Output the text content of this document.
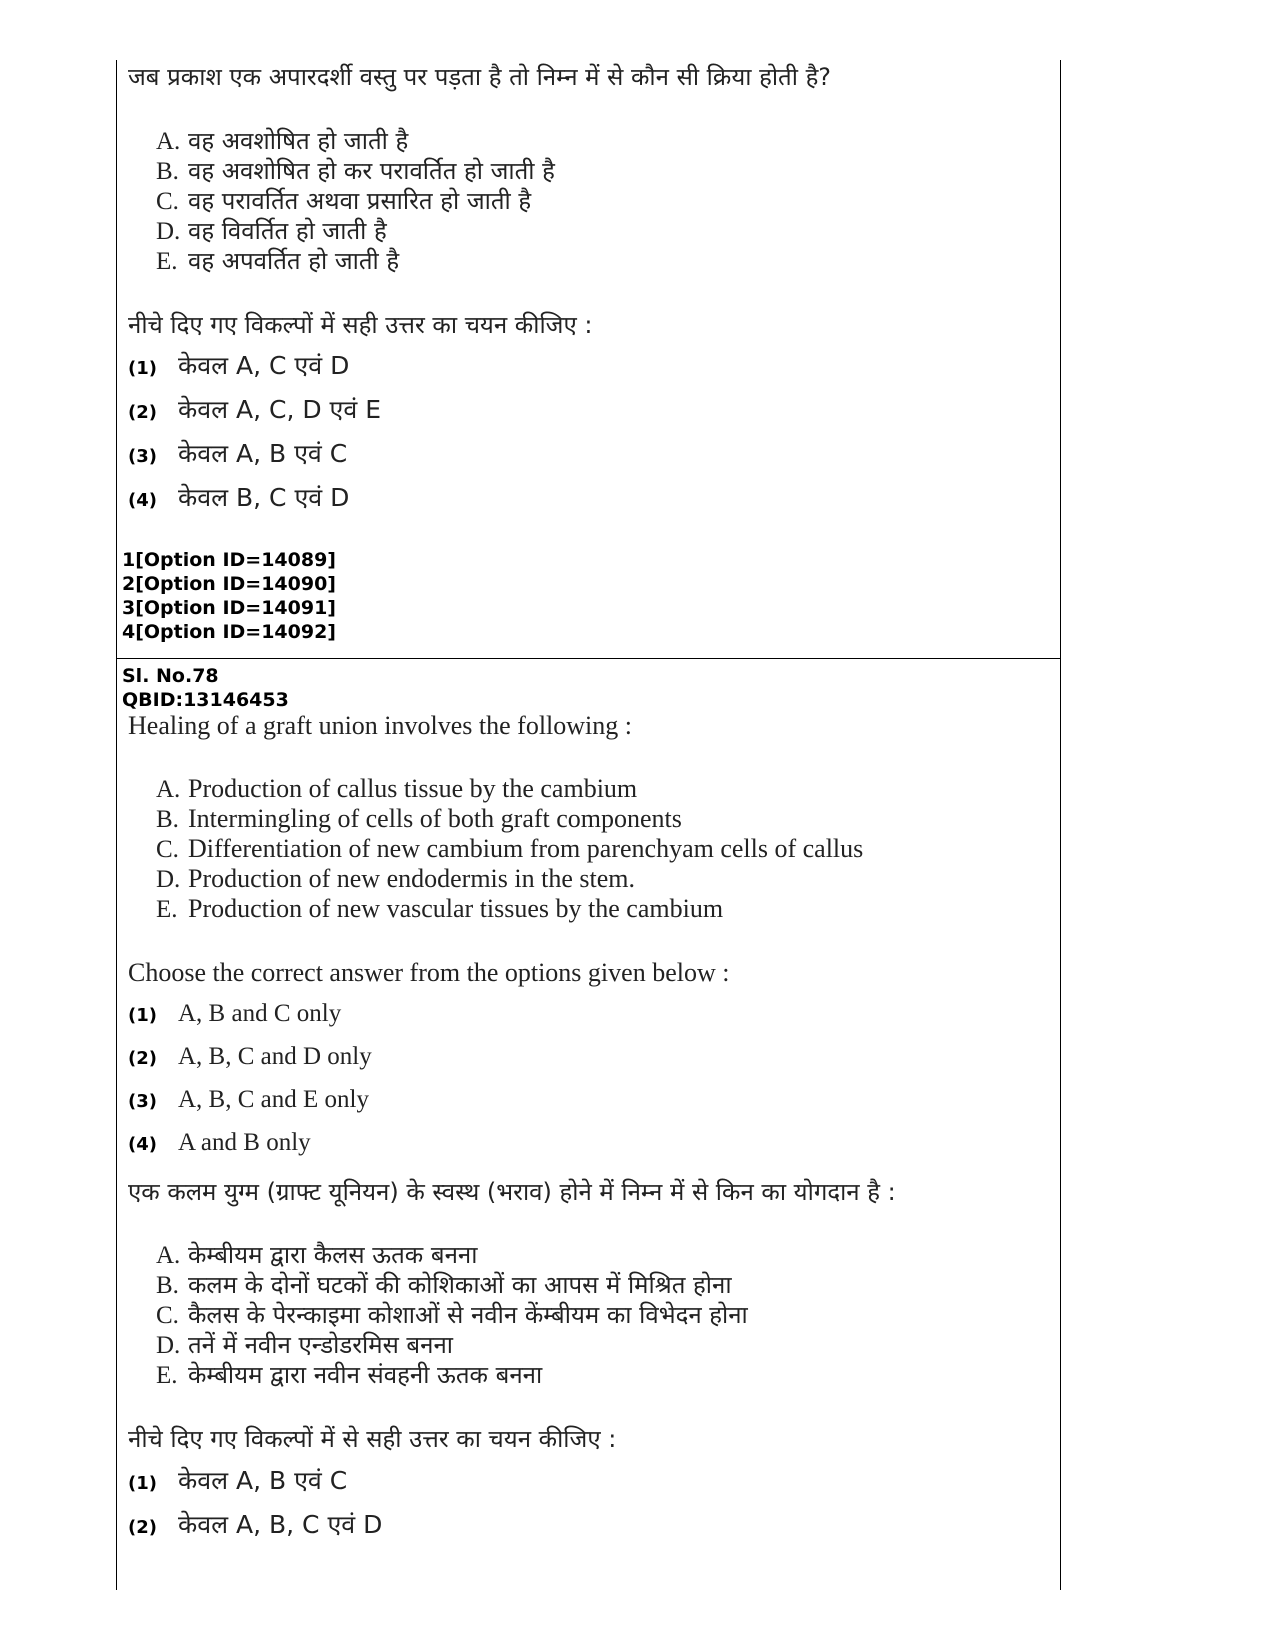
जब प्रकाश एक अपारदर्शी वस्तु पर पड़ता है तो निम्न में से कौन सी क्रिया होती है?
A. वह अवशोषित हो जाती है
B. वह अवशोषित हो कर परावर्तित हो जाती है
C. वह परावर्तित अथवा प्रसारित हो जाती है
D. वह विवर्तित हो जाती है
E. वह अपवर्तित हो जाती है
नीचे दिए गए विकल्पों में सही उत्तर का चयन कीजिए :
(1) केवल A, C एवं D
(2) केवल A, C, D एवं E
(3) केवल A, B एवं C
(4) केवल B, C एवं D
1[Option ID=14089]
2[Option ID=14090]
3[Option ID=14091]
4[Option ID=14092]
Sl. No.78
QBID:13146453
Healing of a graft union involves the following :
A. Production of callus tissue by the cambium
B. Intermingling of cells of both graft components
C. Differentiation of new cambium from parenchyam cells of callus
D. Production of new endodermis in the stem.
E. Production of new vascular tissues by the cambium
Choose the correct answer from the options given below :
(1) A, B and C only
(2) A, B, C and D only
(3) A, B, C and E only
(4) A and B only
एक कलम युग्म (ग्राफ्ट यूनियन) के स्वस्थ (भराव) होने में निम्न में से किन का योगदान है :
A. केम्बीयम द्वारा कैलस ऊतक बनना
B. कलम के दोनों घटकों की कोशिकाओं का आपस में मिश्रित होना
C. कैलस के पेरन्काइमा कोशाओं से नवीन केंम्बीयम का विभेदन होना
D. तनें में नवीन एन्डोडरमिस बनना
E. केम्बीयम द्वारा नवीन संवहनी ऊतक बनना
नीचे दिए गए विकल्पों में से सही उत्तर का चयन कीजिए :
(1) केवल A, B एवं C
(2) केवल A, B, C एवं D
